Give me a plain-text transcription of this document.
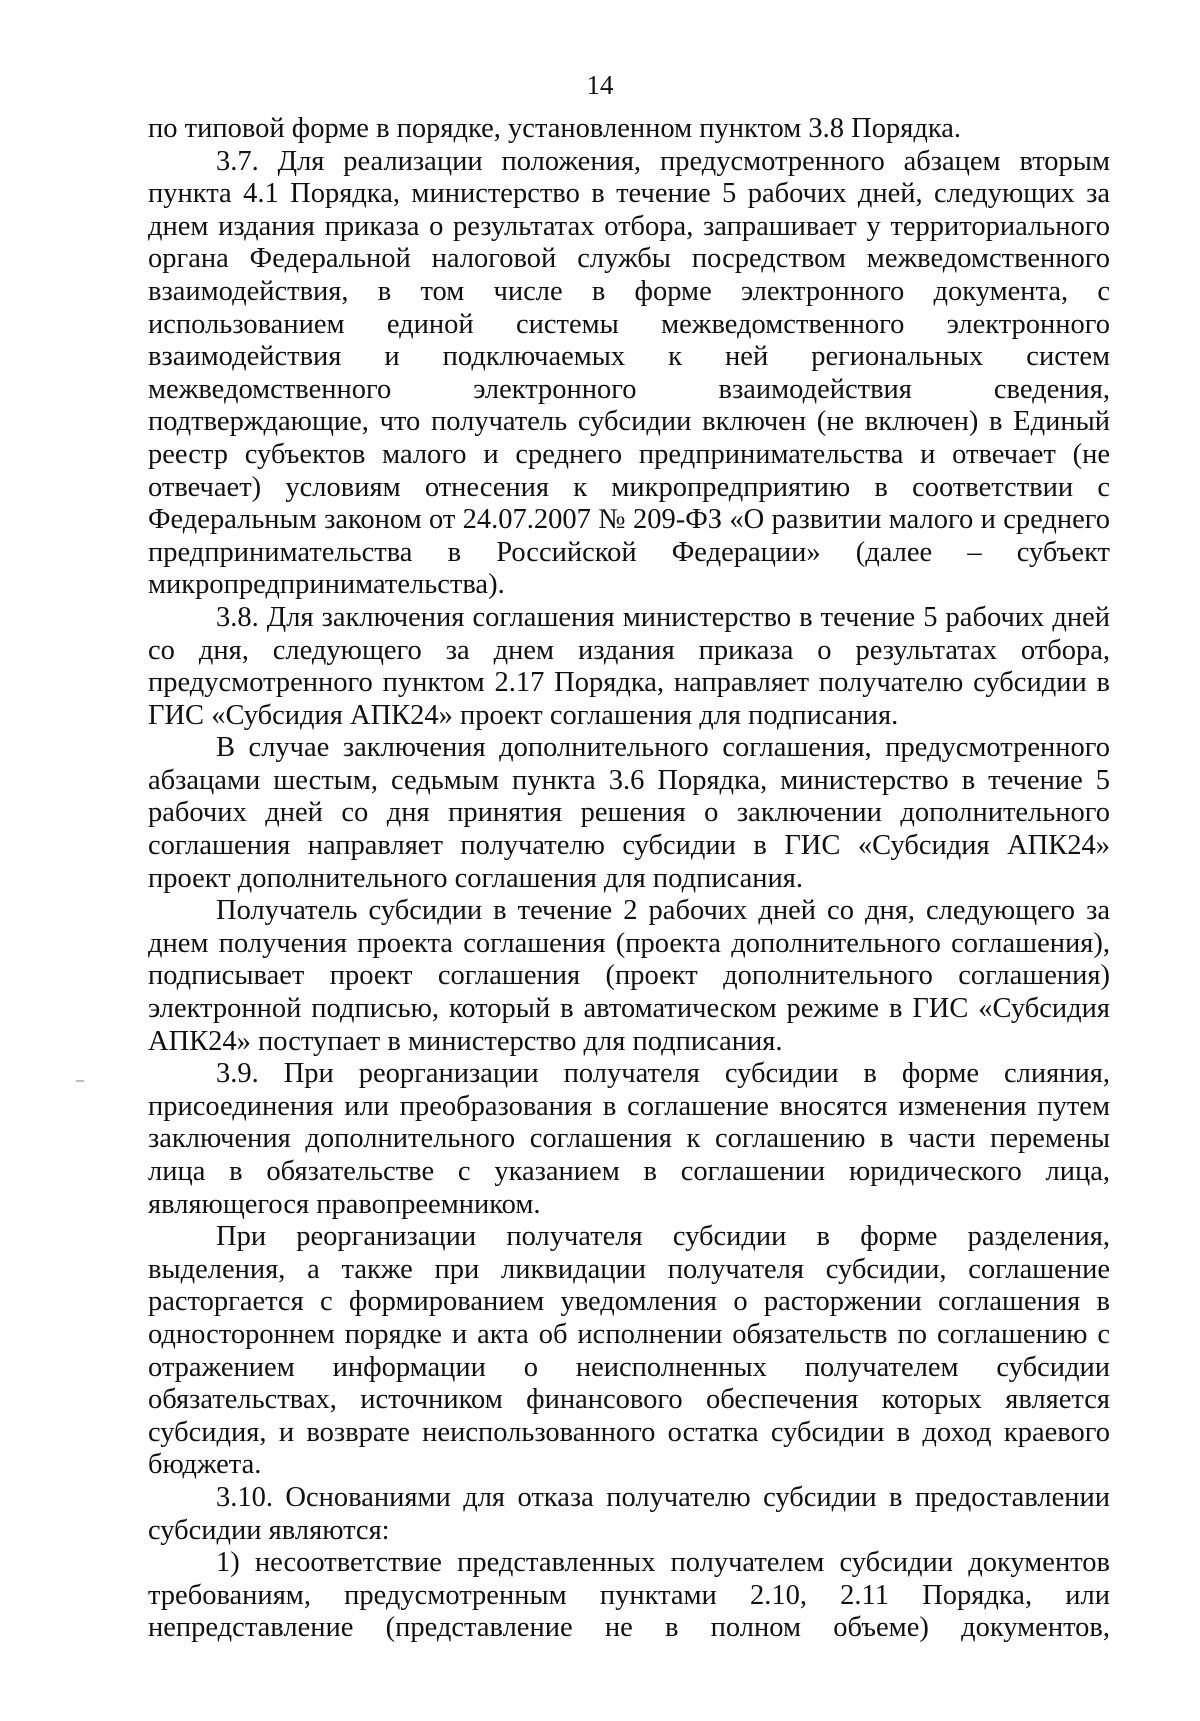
14

по типовой форме в порядке, установленном пунктом 3.8 Порядка.

3.7. Для реализации положения, предусмотренного абзацем вторым пункта 4.1 Порядка, министерство в течение 5 рабочих дней, следующих за днем издания приказа о результатах отбора, запрашивает у территориального органа Федеральной налоговой службы посредством межведомственного взаимодействия, в том числе в форме электронного документа, с использованием единой системы межведомственного электронного взаимодействия и подключаемых к ней региональных систем межведомственного электронного взаимодействия сведения, подтверждающие, что получатель субсидии включен (не включен) в Единый реестр субъектов малого и среднего предпринимательства и отвечает (не отвечает) условиям отнесения к микропредприятию в соответствии с Федеральным законом от 24.07.2007 № 209-ФЗ «О развитии малого и среднего предпринимательства в Российской Федерации» (далее – субъект микропредпринимательства).

3.8. Для заключения соглашения министерство в течение 5 рабочих дней со дня, следующего за днем издания приказа о результатах отбора, предусмотренного пунктом 2.17 Порядка, направляет получателю субсидии в ГИС «Субсидия АПК24» проект соглашения для подписания.

В случае заключения дополнительного соглашения, предусмотренного абзацами шестым, седьмым пункта 3.6 Порядка, министерство в течение 5 рабочих дней со дня принятия решения о заключении дополнительного соглашения направляет получателю субсидии в ГИС «Субсидия АПК24» проект дополнительного соглашения для подписания.

Получатель субсидии в течение 2 рабочих дней со дня, следующего за днем получения проекта соглашения (проекта дополнительного соглашения), подписывает проект соглашения (проект дополнительного соглашения) электронной подписью, который в автоматическом режиме в ГИС «Субсидия АПК24» поступает в министерство для подписания.

3.9. При реорганизации получателя субсидии в форме слияния, присоединения или преобразования в соглашение вносятся изменения путем заключения дополнительного соглашения к соглашению в части перемены лица в обязательстве с указанием в соглашении юридического лица, являющегося правопреемником.

При реорганизации получателя субсидии в форме разделения, выделения, а также при ликвидации получателя субсидии, соглашение расторгается с формированием уведомления о расторжении соглашения в одностороннем порядке и акта об исполнении обязательств по соглашению с отражением информации о неисполненных получателем субсидии обязательствах, источником финансового обеспечения которых является субсидия, и возврате неиспользованного остатка субсидии в доход краевого бюджета.

3.10. Основаниями для отказа получателю субсидии в предоставлении субсидии являются:

1) несоответствие представленных получателем субсидии документов требованиям, предусмотренным пунктами 2.10, 2.11 Порядка, или непредставление (представление не в полном объеме) документов,
